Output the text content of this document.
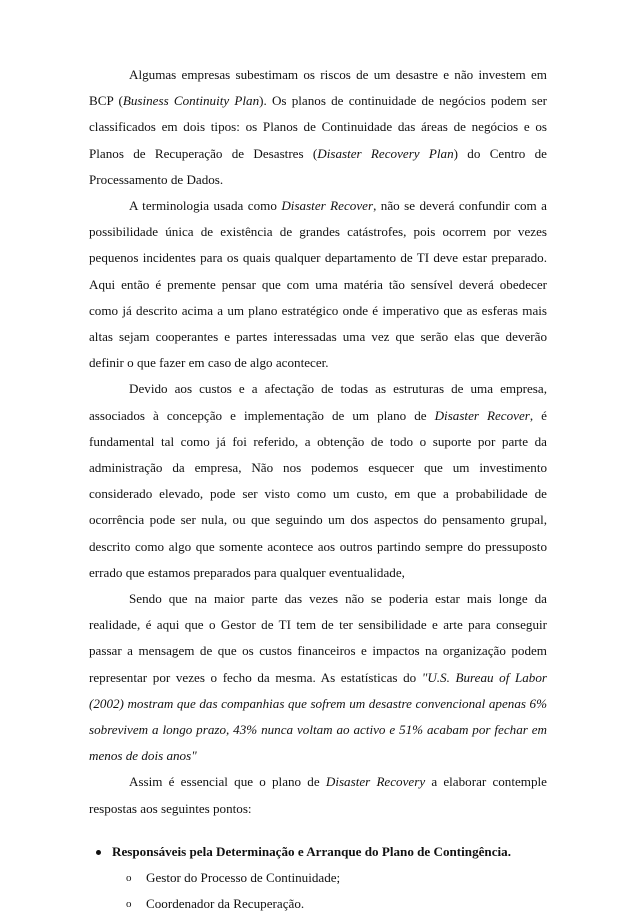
Algumas empresas subestimam os riscos de um desastre e não investem em BCP (Business Continuity Plan). Os planos de continuidade de negócios podem ser classificados em dois tipos: os Planos de Continuidade das áreas de negócios e os Planos de Recuperação de Desastres (Disaster Recovery Plan) do Centro de Processamento de Dados.

A terminologia usada como Disaster Recover, não se deverá confundir com a possibilidade única de existência de grandes catástrofes, pois ocorrem por vezes pequenos incidentes para os quais qualquer departamento de TI deve estar preparado. Aqui então é premente pensar que com uma matéria tão sensível deverá obedecer como já descrito acima a um plano estratégico onde é imperativo que as esferas mais altas sejam cooperantes e partes interessadas uma vez que serão elas que deverão definir o que fazer em caso de algo acontecer.

Devido aos custos e a afectação de todas as estruturas de uma empresa, associados à concepção e implementação de um plano de Disaster Recover, é fundamental tal como já foi referido, a obtenção de todo o suporte por parte da administração da empresa, Não nos podemos esquecer que um investimento considerado elevado, pode ser visto como um custo, em que a probabilidade de ocorrência pode ser nula, ou que seguindo um dos aspectos do pensamento grupal, descrito como algo que somente acontece aos outros partindo sempre do pressuposto errado que estamos preparados para qualquer eventualidade,

Sendo que na maior parte das vezes não se poderia estar mais longe da realidade, é aqui que o Gestor de TI tem de ter sensibilidade e arte para conseguir passar a mensagem de que os custos financeiros e impactos na organização podem representar por vezes o fecho da mesma. As estatísticas do "U.S. Bureau of Labor (2002) mostram que das companhias que sofrem um desastre convencional apenas 6% sobrevivem a longo prazo, 43% nunca voltam ao activo e 51% acabam por fechar em menos de dois anos"

Assim é essencial que o plano de Disaster Recovery a elaborar contemple respostas aos seguintes pontos:

Responsáveis pela Determinação e Arranque do Plano de Contingência.
o Gestor do Processo de Continuidade;
o Coordenador da Recuperação.
